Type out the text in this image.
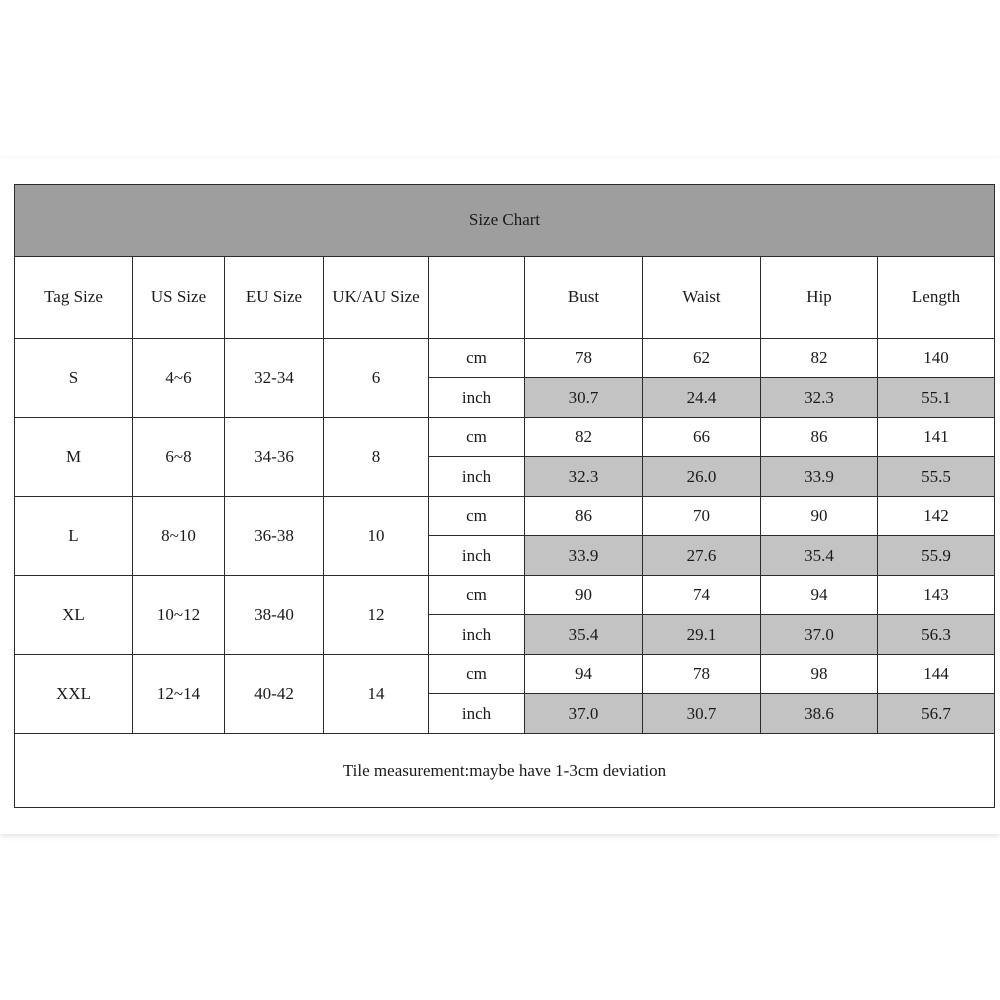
Size Chart								
Tag Size	US Size	EU Size	UK/AU Size		Bust	Waist	Hip	Length
S	4~6	32-34	6	cm	78	62	82	140
				inch	30.7	24.4	32.3	55.1
M	6~8	34-36	8	cm	82	66	86	141
				inch	32.3	26.0	33.9	55.5
L	8~10	36-38	10	cm	86	70	90	142
				inch	33.9	27.6	35.4	55.9
XL	10~12	38-40	12	cm	90	74	94	143
				inch	35.4	29.1	37.0	56.3
XXL	12~14	40-42	14	cm	94	78	98	144
				inch	37.0	30.7	38.6	56.7
Tile measurement:maybe have 1-3cm deviation								
